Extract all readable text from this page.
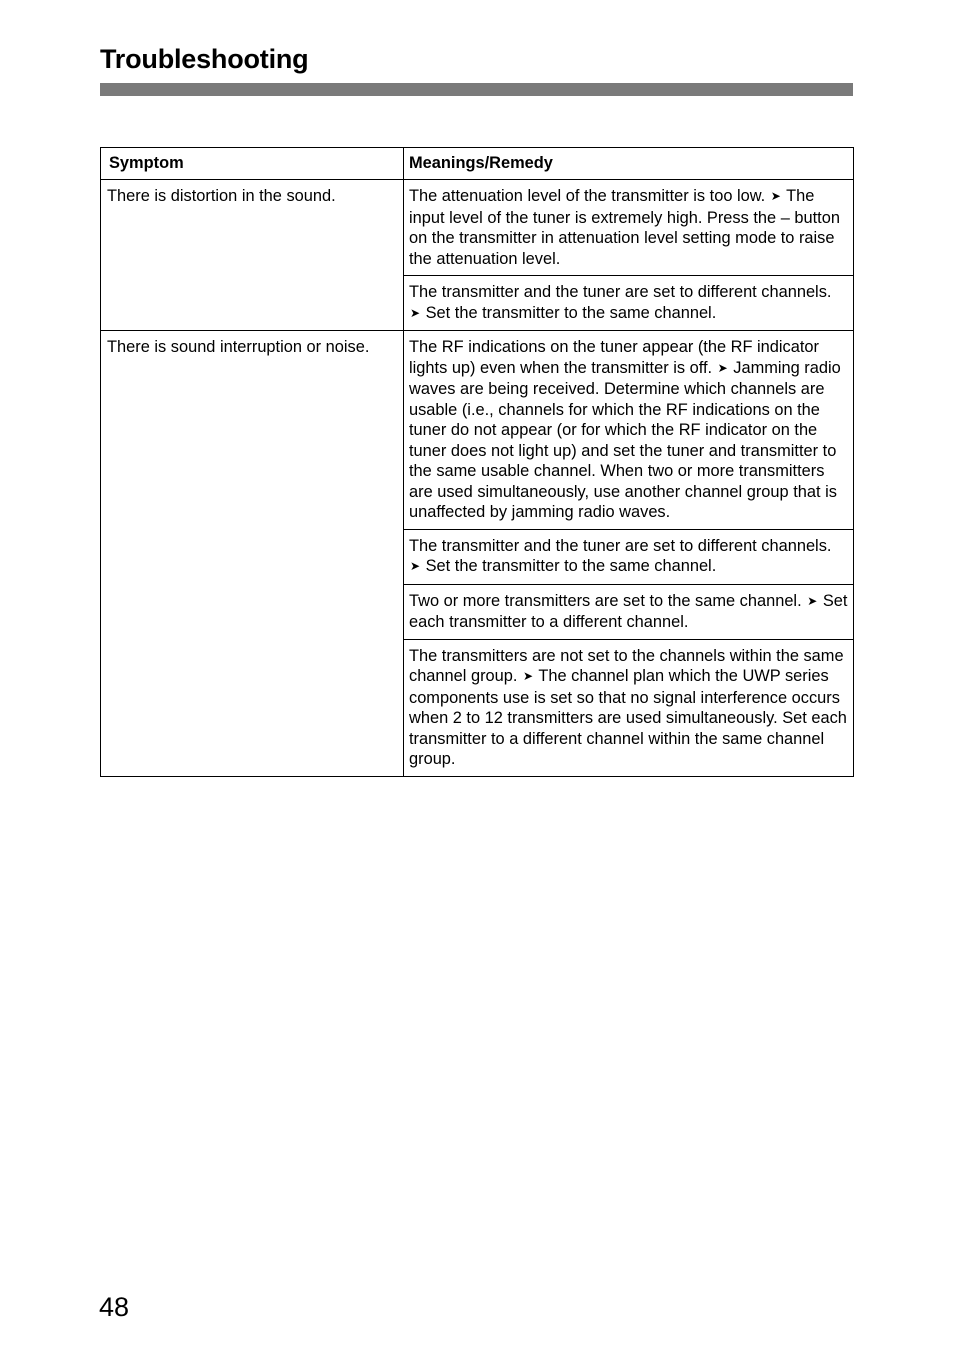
Troubleshooting
Symptom	Meanings/Remedy
There is distortion in the sound.	The attenuation level of the transmitter is too low. ➤ The input level of the tuner is extremely high. Press the – button on the transmitter in attenuation level setting mode to raise the attenuation level.
	The transmitter and the tuner are set to different channels. ➤ Set the transmitter to the same channel.
There is sound interruption or noise.	The RF indications on the tuner appear (the RF indicator lights up) even when the transmitter is off. ➤ Jamming radio waves are being received. Determine which channels are usable (i.e., channels for which the RF indications on the tuner do not appear (or for which the RF indicator on the tuner does not light up) and set the tuner and transmitter to the same usable channel. When two or more transmitters are used simultaneously, use another channel group that is unaffected by jamming radio waves.
	The transmitter and the tuner are set to different channels. ➤ Set the transmitter to the same channel.
	Two or more transmitters are set to the same channel. ➤ Set each transmitter to a different channel.
	The transmitters are not set to the channels within the same channel group. ➤ The channel plan which the UWP series components use is set so that no signal interference occurs when 2 to 12 transmitters are used simultaneously. Set each transmitter to a different channel within the same channel group.
48
